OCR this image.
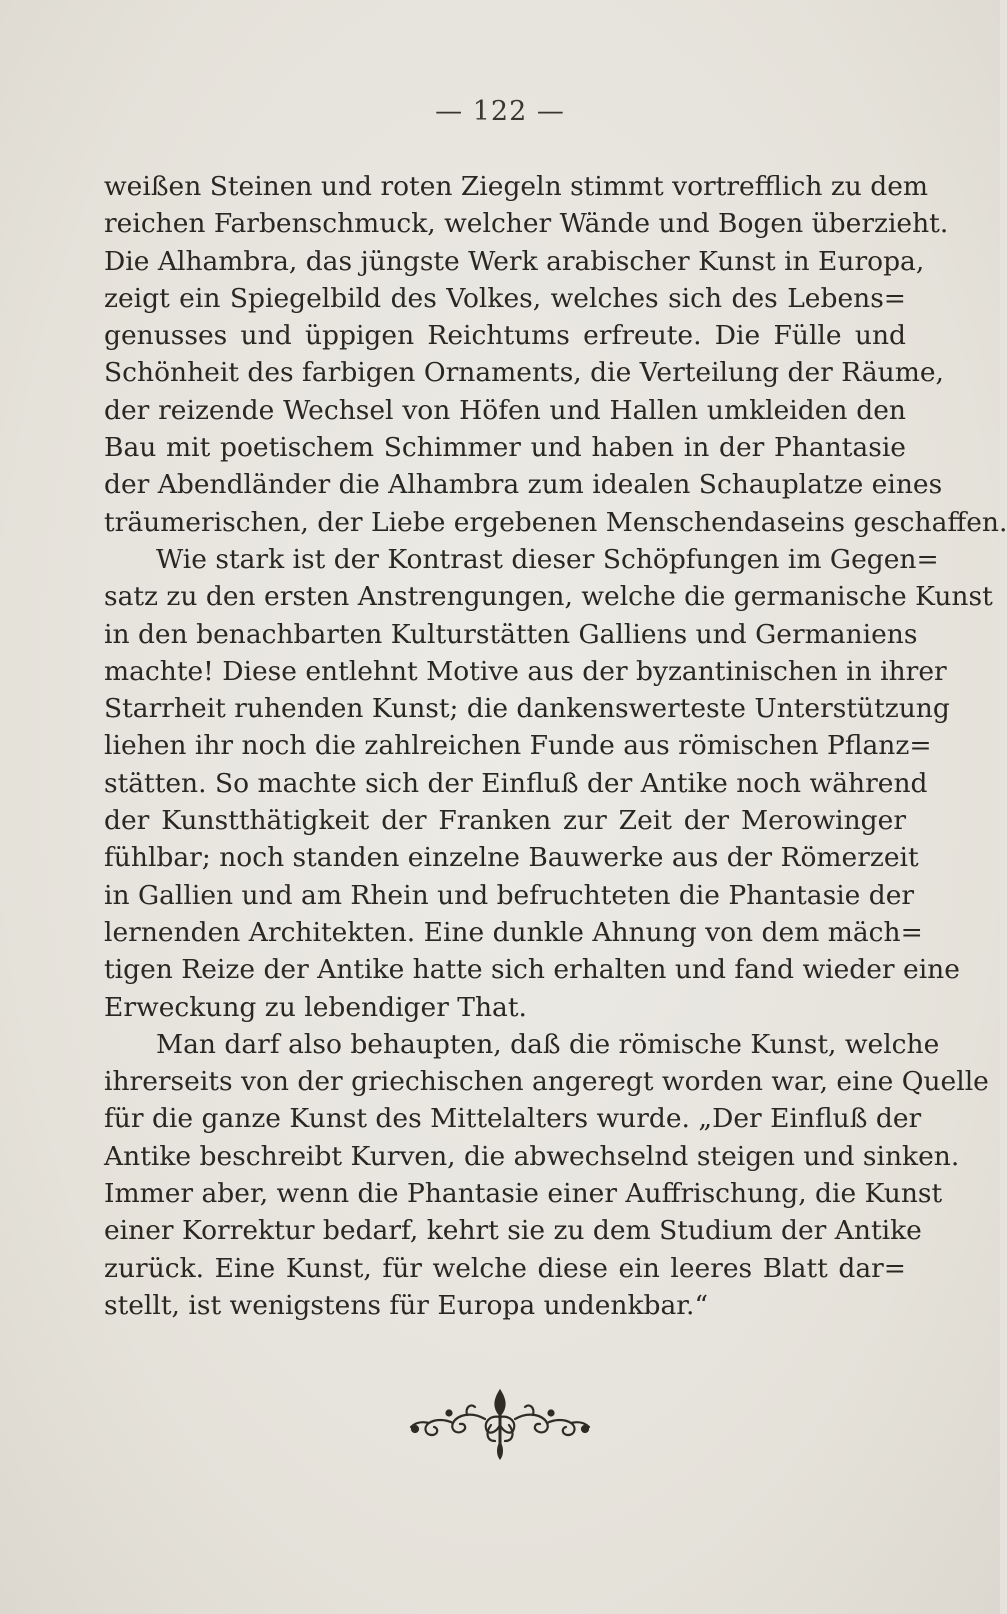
— 122 —
weißen Steinen und roten Ziegeln stimmt vortrefflich zu dem
reichen Farbenschmuck, welcher Wände und Bogen überzieht.
Die Alhambra, das jüngste Werk arabischer Kunst in Europa,
zeigt ein Spiegelbild des Volkes, welches sich des Lebens=
genusses und üppigen Reichtums erfreute. Die Fülle und
Schönheit des farbigen Ornaments, die Verteilung der Räume,
der reizende Wechsel von Höfen und Hallen umkleiden den
Bau mit poetischem Schimmer und haben in der Phantasie
der Abendländer die Alhambra zum idealen Schauplatze eines
träumerischen, der Liebe ergebenen Menschendaseins geschaffen.
Wie stark ist der Kontrast dieser Schöpfungen im Gegen=
satz zu den ersten Anstrengungen, welche die germanische Kunst
in den benachbarten Kulturstätten Galliens und Germaniens
machte! Diese entlehnt Motive aus der byzantinischen in ihrer
Starrheit ruhenden Kunst; die dankenswerteste Unterstützung
liehen ihr noch die zahlreichen Funde aus römischen Pflanz=
stätten. So machte sich der Einfluß der Antike noch während
der Kunstthätigkeit der Franken zur Zeit der Merowinger
fühlbar; noch standen einzelne Bauwerke aus der Römerzeit
in Gallien und am Rhein und befruchteten die Phantasie der
lernenden Architekten. Eine dunkle Ahnung von dem mäch=
tigen Reize der Antike hatte sich erhalten und fand wieder eine
Erweckung zu lebendiger That.
Man darf also behaupten, daß die römische Kunst, welche
ihrerseits von der griechischen angeregt worden war, eine Quelle
für die ganze Kunst des Mittelalters wurde. „Der Einfluß der
Antike beschreibt Kurven, die abwechselnd steigen und sinken.
Immer aber, wenn die Phantasie einer Auffrischung, die Kunst
einer Korrektur bedarf, kehrt sie zu dem Studium der Antike
zurück. Eine Kunst, für welche diese ein leeres Blatt dar=
stellt, ist wenigstens für Europa undenkbar.“
